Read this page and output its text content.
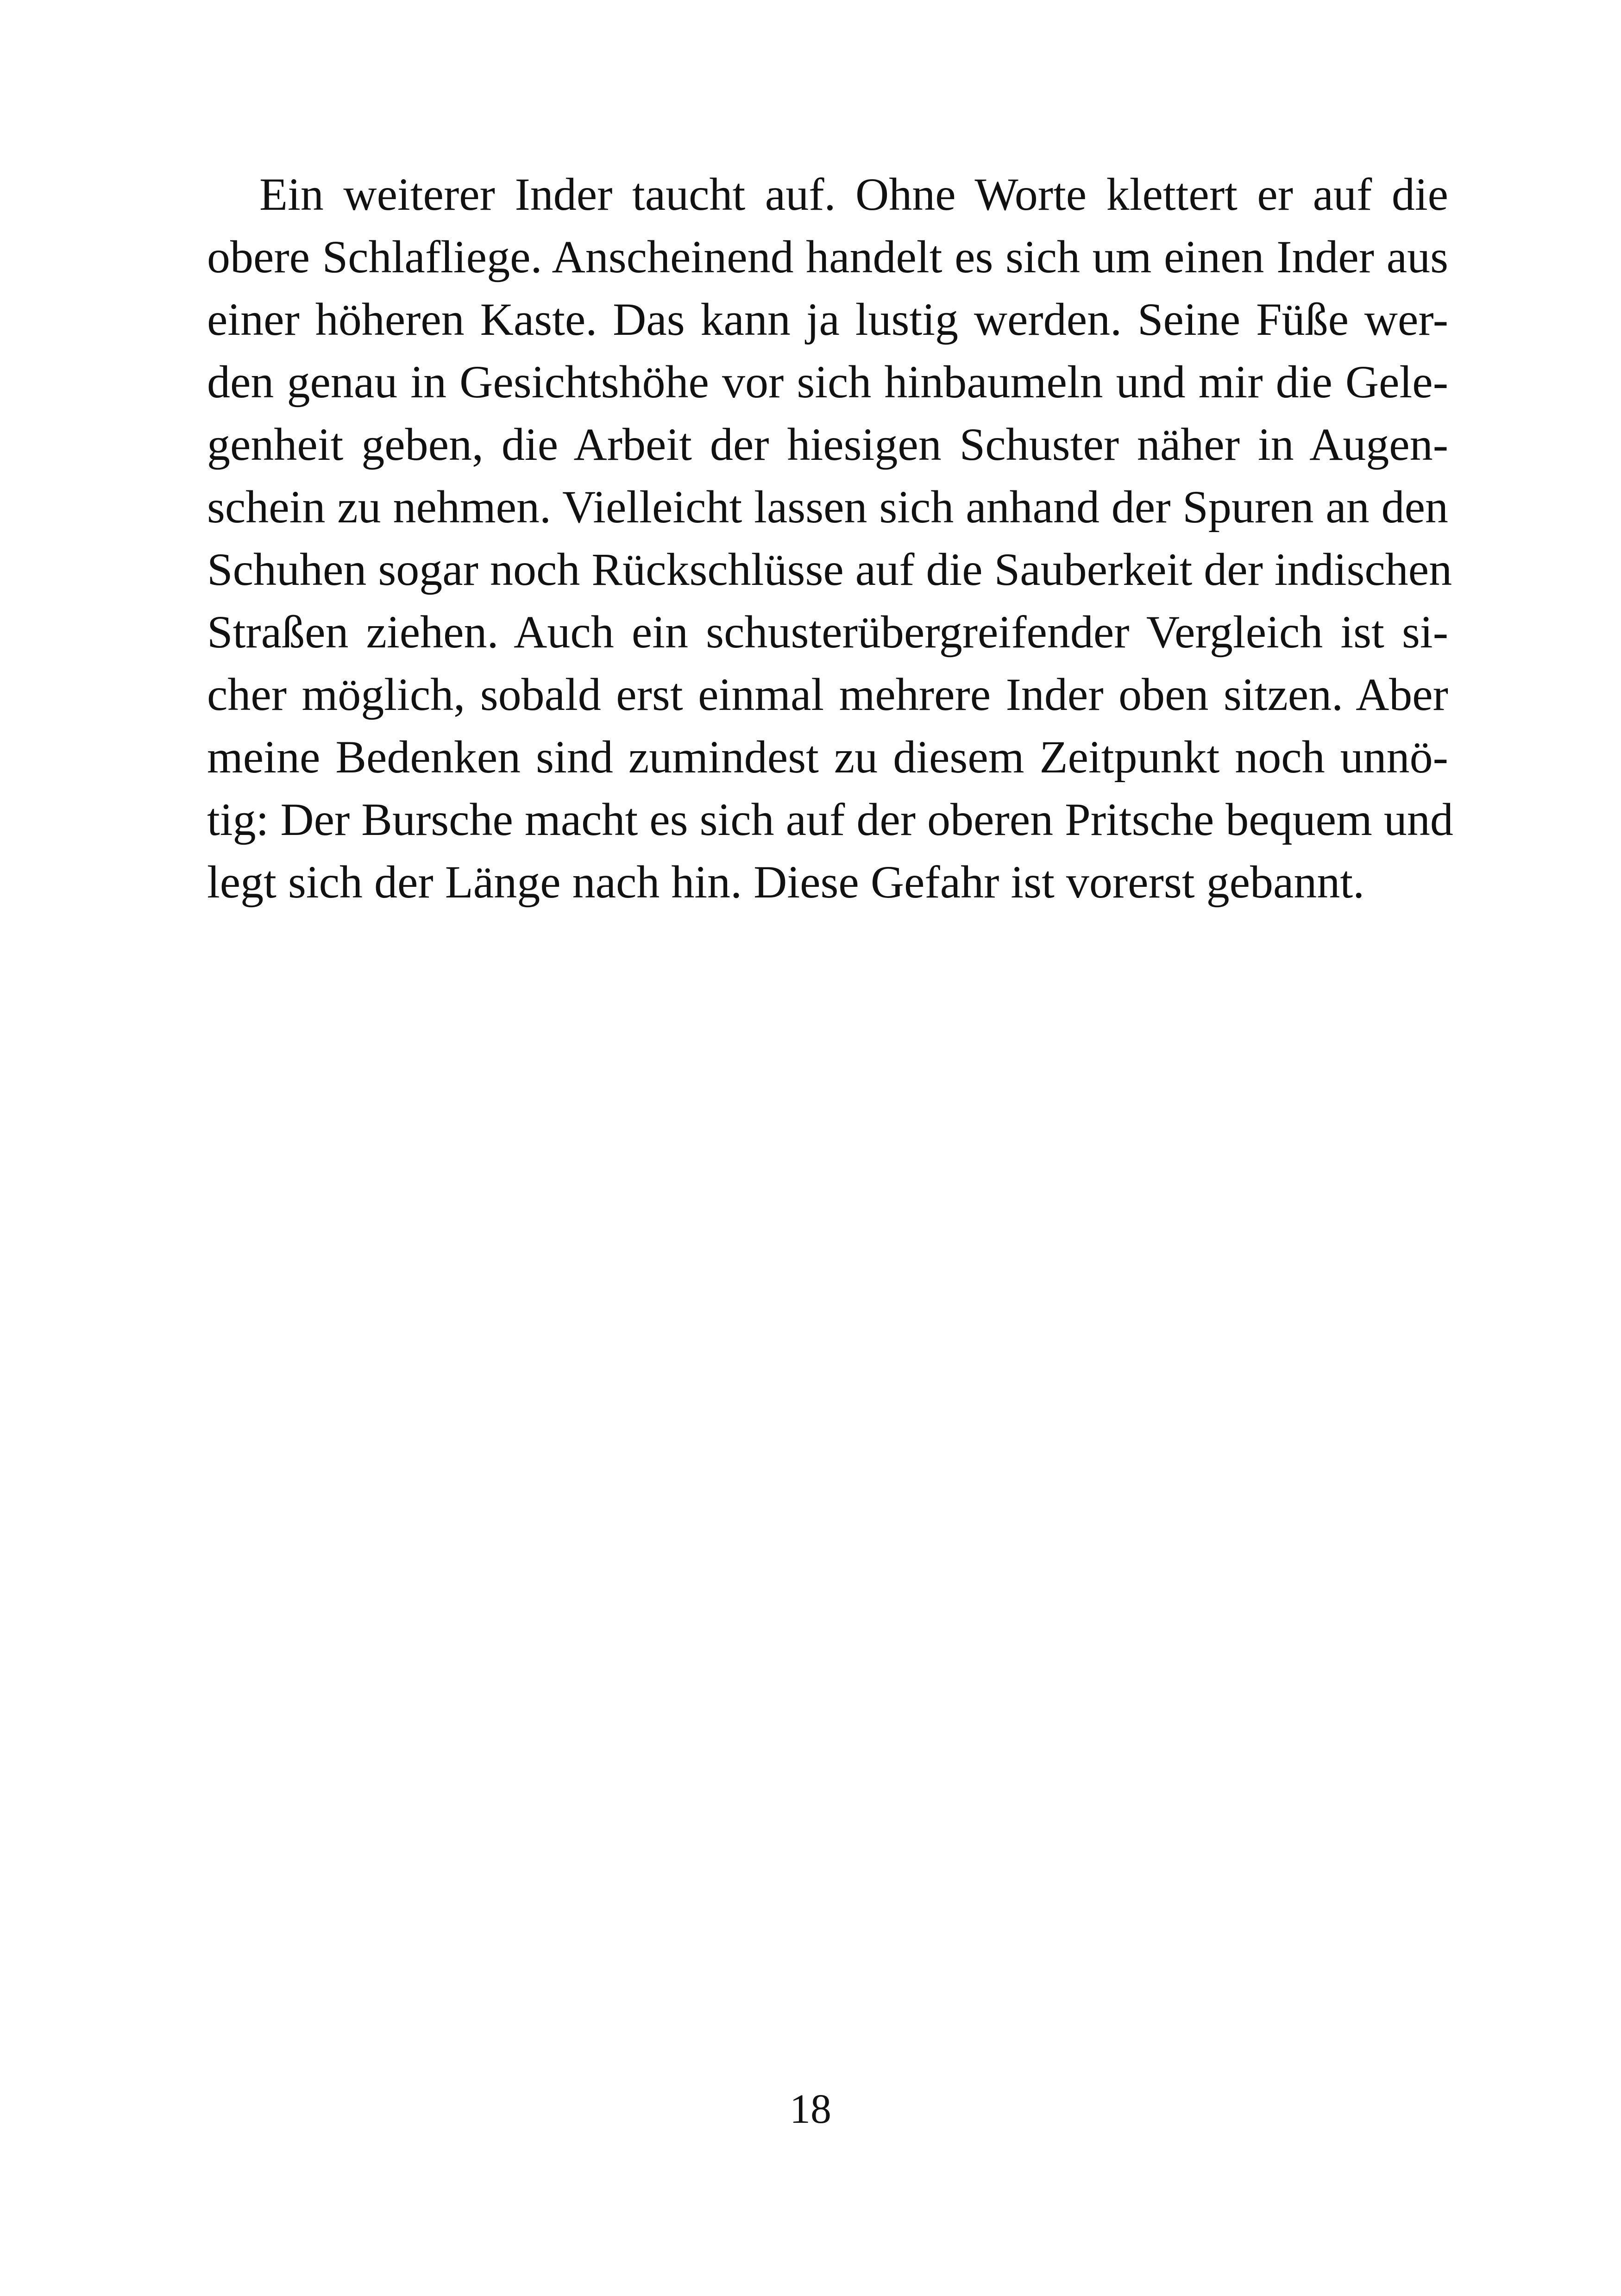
Ein weiterer Inder taucht auf. Ohne Worte klettert er auf die
obere Schlafliege. Anscheinend handelt es sich um einen Inder aus
einer höheren Kaste. Das kann ja lustig werden. Seine Füße wer-
den genau in Gesichtshöhe vor sich hinbaumeln und mir die Gele-
genheit geben, die Arbeit der hiesigen Schuster näher in Augen-
schein zu nehmen. Vielleicht lassen sich anhand der Spuren an den
Schuhen sogar noch Rückschlüsse auf die Sauberkeit der indischen
Straßen ziehen. Auch ein schusterübergreifender Vergleich ist si-
cher möglich, sobald erst einmal mehrere Inder oben sitzen. Aber
meine Bedenken sind zumindest zu diesem Zeitpunkt noch unnö-
tig: Der Bursche macht es sich auf der oberen Pritsche bequem und
legt sich der Länge nach hin. Diese Gefahr ist vorerst gebannt.

18
